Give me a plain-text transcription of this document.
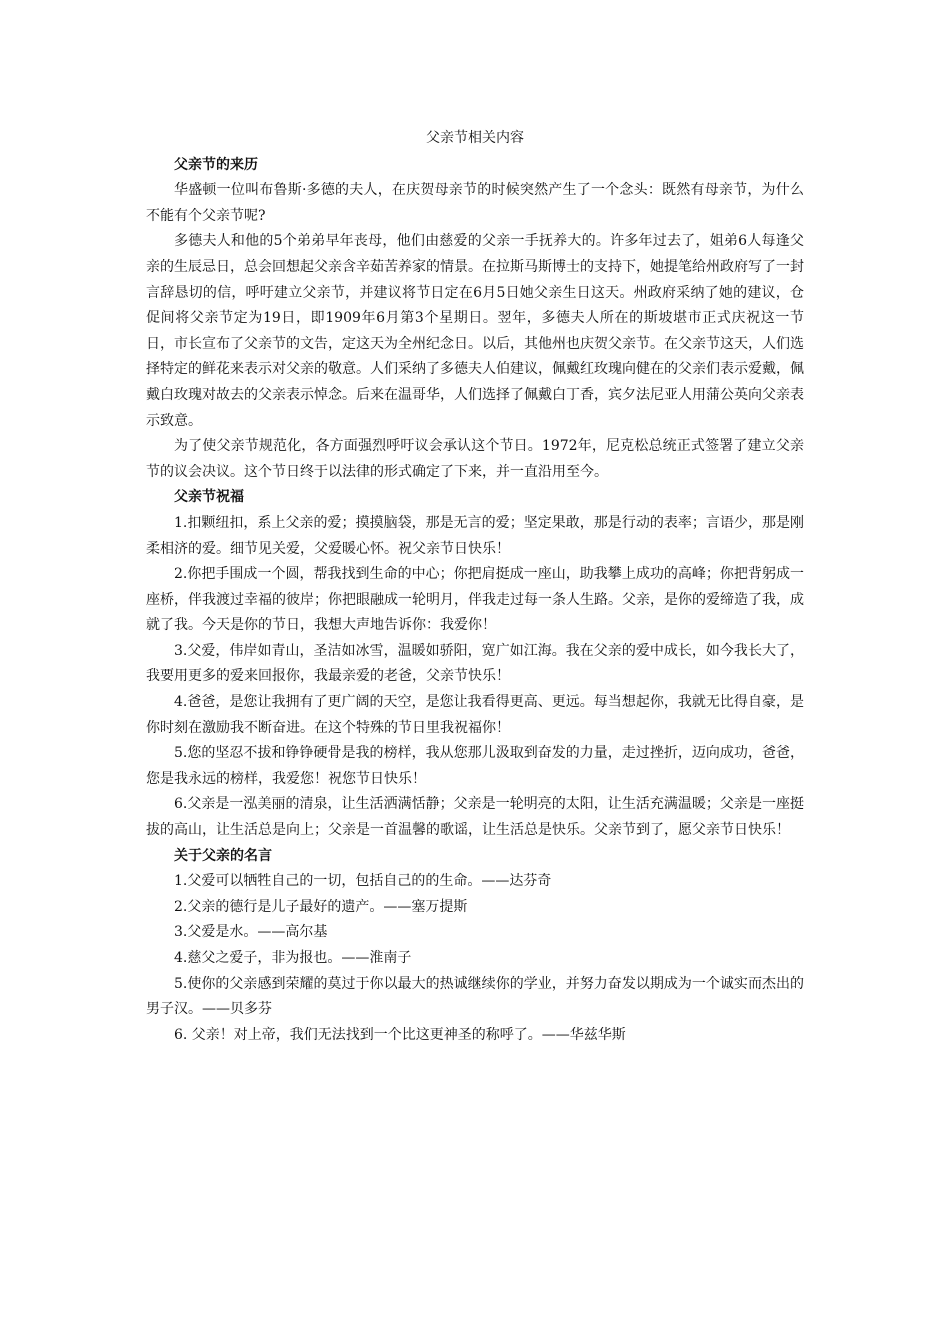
父亲节相关内容

父亲节的来历

华盛顿一位叫布鲁斯·多德的夫人，在庆贺母亲节的时候突然产生了一个念头：既然有母亲节，为什么不能有个父亲节呢?

多德夫人和他的5个弟弟早年丧母，他们由慈爱的父亲一手抚养大的。许多年过去了，姐弟6人每逢父亲的生辰忌日，总会回想起父亲含辛茹苦养家的情景。在拉斯马斯博士的支持下，她提笔给州政府写了一封言辞恳切的信，呼吁建立父亲节，并建议将节日定在6月5日她父亲生日这天。州政府采纳了她的建议，仓促间将父亲节定为19日，即1909年6月第3个星期日。翌年，多德夫人所在的斯坡堪市正式庆祝这一节日，市长宣布了父亲节的文告，定这天为全州纪念日。以后，其他州也庆贺父亲节。在父亲节这天，人们选择特定的鲜花来表示对父亲的敬意。人们采纳了多德夫人伯建议，佩戴红玫瑰向健在的父亲们表示爱戴，佩戴白玫瑰对故去的父亲表示悼念。后来在温哥华，人们选择了佩戴白丁香，宾夕法尼亚人用蒲公英向父亲表示致意。

为了使父亲节规范化，各方面强烈呼吁议会承认这个节日。1972年，尼克松总统正式签署了建立父亲节的议会决议。这个节日终于以法律的形式确定了下来，并一直沿用至今。

父亲节祝福

1.扣颗纽扣，系上父亲的爱；摸摸脑袋，那是无言的爱；坚定果敢，那是行动的表率；言语少，那是刚柔相济的爱。细节见关爱，父爱暖心怀。祝父亲节日快乐！

2.你把手围成一个圆，帮我找到生命的中心；你把肩挺成一座山，助我攀上成功的高峰；你把背躬成一座桥，伴我渡过幸福的彼岸；你把眼融成一轮明月，伴我走过每一条人生路。父亲，是你的爱缔造了我，成就了我。今天是你的节日，我想大声地告诉你：我爱你！

3.父爱，伟岸如青山，圣洁如冰雪，温暖如骄阳，宽广如江海。我在父亲的爱中成长，如今我长大了，我要用更多的爱来回报你，我最亲爱的老爸，父亲节快乐！

4.爸爸，是您让我拥有了更广阔的天空，是您让我看得更高、更远。每当想起你，我就无比得自豪，是你时刻在激励我不断奋进。在这个特殊的节日里我祝福你！

5.您的坚忍不拔和铮铮硬骨是我的榜样，我从您那儿汲取到奋发的力量，走过挫折，迈向成功，爸爸，您是我永远的榜样，我爱您！祝您节日快乐！

6.父亲是一泓美丽的清泉，让生活洒满恬静；父亲是一轮明亮的太阳，让生活充满温暖；父亲是一座挺拔的高山，让生活总是向上；父亲是一首温馨的歌谣，让生活总是快乐。父亲节到了，愿父亲节日快乐！

关于父亲的名言

1.父爱可以牺牲自己的一切，包括自己的的生命。——达芬奇

2.父亲的德行是儿子最好的遗产。——塞万提斯

3.父爱是水。——高尔基

4.慈父之爱子，非为报也。——淮南子

5.使你的父亲感到荣耀的莫过于你以最大的热诚继续你的学业，并努力奋发以期成为一个诚实而杰出的男子汉。——贝多芬

6. 父亲！对上帝，我们无法找到一个比这更神圣的称呼了。——华兹华斯
